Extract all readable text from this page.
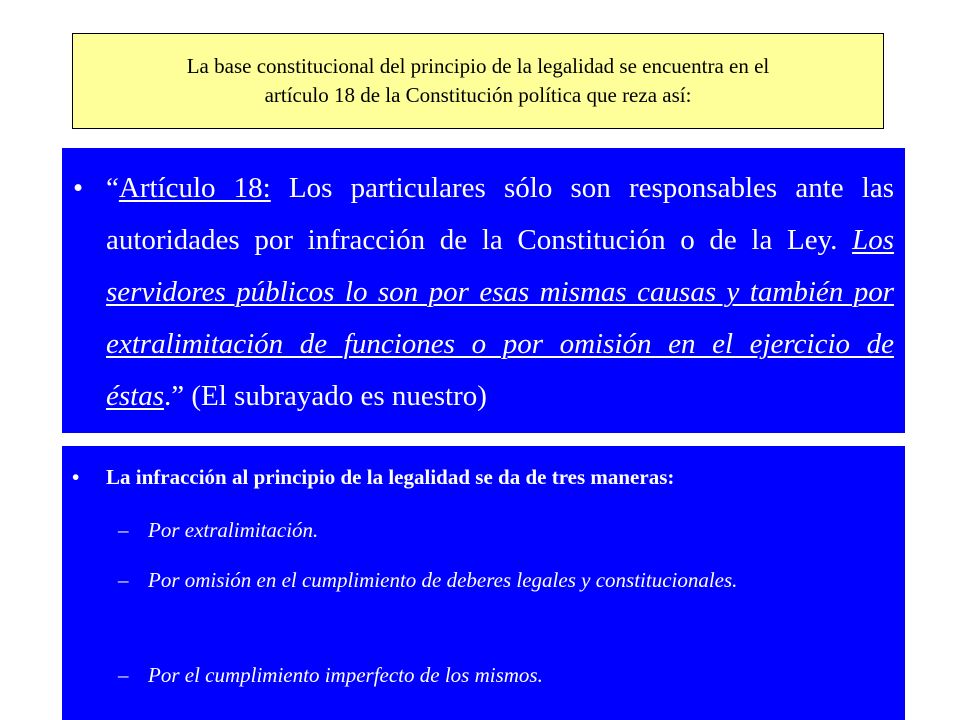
La base constitucional del principio de la legalidad se encuentra en el
artículo 18 de la Constitución política que reza así:
• “Artículo 18: Los particulares sólo son responsables ante las autoridades por infracción de la Constitución o de la Ley. Los servidores públicos lo son por esas mismas causas y también por extralimitación de funciones o por omisión en el ejercicio de éstas.” (El subrayado es nuestro)
• La infracción al principio de la legalidad se da de tres maneras:
– Por extralimitación.
– Por omisión en el cumplimiento de deberes legales y constitucionales.
– Por el cumplimiento imperfecto de los mismos.
